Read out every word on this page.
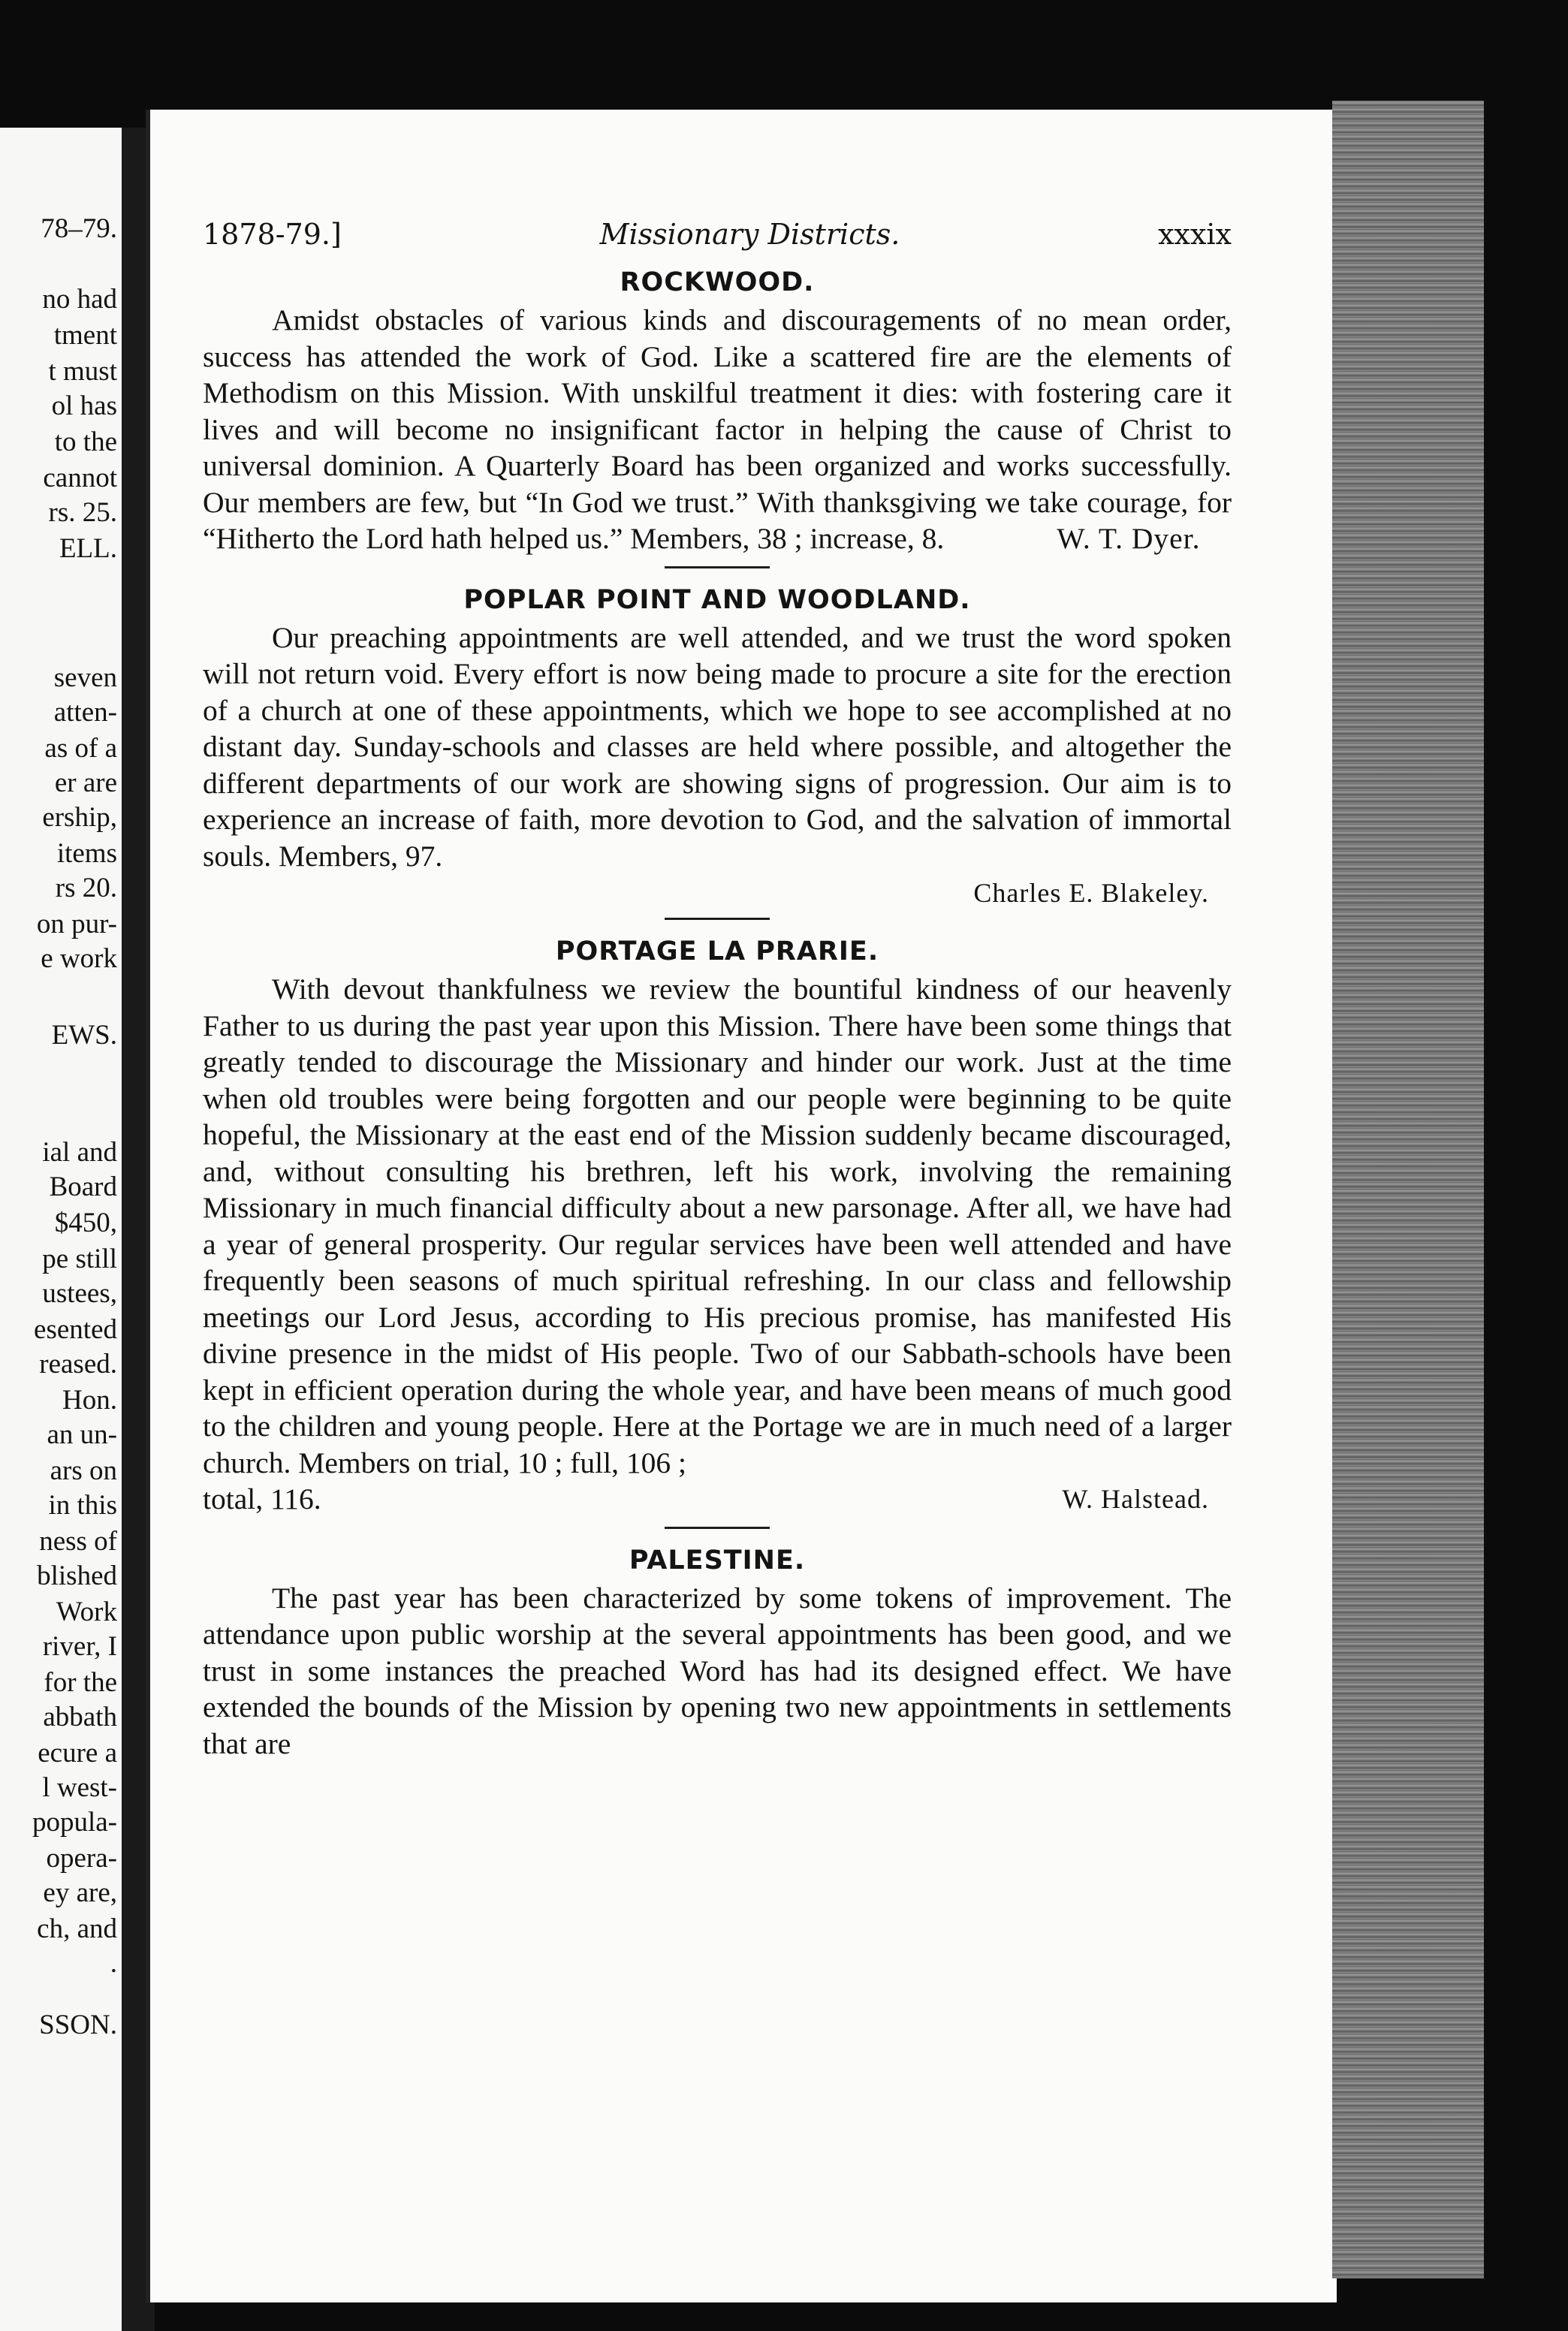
78–79.
no had
tment
t must
ol has
to the
cannot
rs. 25.
ELL.
seven
atten-
as of a
er are
ership,
items
rs 20.
on pur-
e work
EWS.
ial and
Board
$450,
pe still
ustees,
esented
reased.
Hon.
an un-
ars on
in this
ness of
blished
Work
river, I
for the
abbath
ecure a
l west-
popula-
opera-
ey are,
ch, and
.
SSON.
1878-79.]	Missionary Districts.	xxxix
ROCKWOOD.

Amidst obstacles of various kinds and discouragements of no mean order, success has attended the work of God. Like a scattered fire are the elements of Methodism on this Mission. With unskilful treatment it dies: with fostering care it lives and will become no insignificant factor in helping the cause of Christ to universal dominion. A Quarterly Board has been organized and works successfully. Our members are few, but “In God we trust.” With thanksgiving we take courage, for “Hitherto the Lord hath helped us.” Members, 38 ; increase, 8.	W. T. Dyer.

POPLAR POINT AND WOODLAND.

Our preaching appointments are well attended, and we trust the word spoken will not return void. Every effort is now being made to procure a site for the erection of a church at one of these appointments, which we hope to see accomplished at no distant day. Sunday-schools and classes are held where possible, and altogether the different departments of our work are showing signs of progression. Our aim is to experience an increase of faith, more devotion to God, and the salvation of immortal souls. Members, 97.

Charles E. Blakeley.
PORTAGE LA PRARIE.

With devout thankfulness we review the bountiful kindness of our heavenly Father to us during the past year upon this Mission. There have been some things that greatly tended to discourage the Missionary and hinder our work. Just at the time when old troubles were being forgotten and our people were beginning to be quite hopeful, the Missionary at the east end of the Mission suddenly became discouraged, and, without consulting his brethren, left his work, involving the remaining Missionary in much financial difficulty about a new parsonage. After all, we have had a year of general prosperity. Our regular services have been well attended and have frequently been seasons of much spiritual refreshing. In our class and fellowship meetings our Lord Jesus, according to His precious promise, has manifested His divine presence in the midst of His people. Two of our Sabbath-schools have been kept in efficient operation during the whole year, and have been means of much good to the children and young people. Here at the Portage we are in much need of a larger church. Members on trial, 10 ; full, 106 ;

total, 116.	W. Halstead.
PALESTINE.

The past year has been characterized by some tokens of improvement. The attendance upon public worship at the several appointments has been good, and we trust in some instances the preached Word has had its designed effect. We have extended the bounds of the Mission by opening two new appointments in settlements that are
